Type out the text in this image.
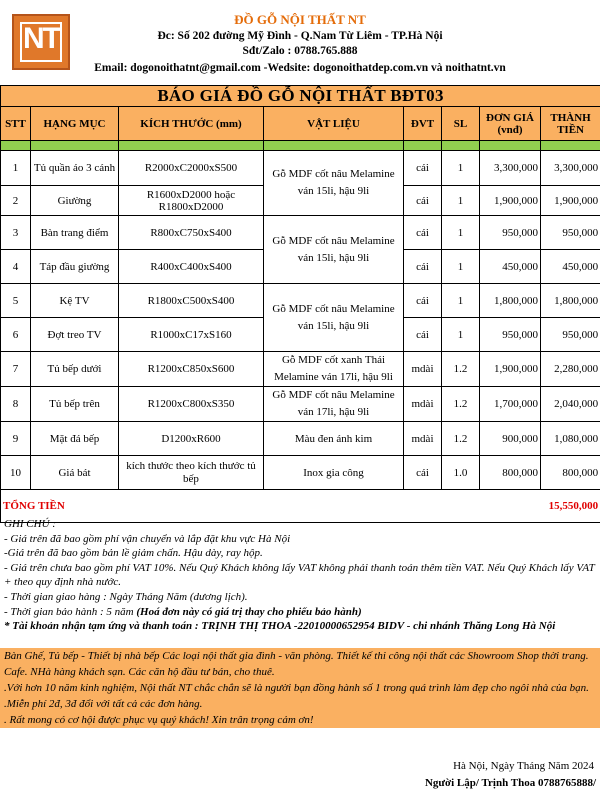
NT
ĐỒ GỖ NỘI THẤT NT
Đc: Số 202 đường Mỹ Đình - Q.Nam Từ Liêm - TP.Hà Nội
Sđt/Zalo : 0788.765.888
Email: dogonoithatnt@gmail.com -Wedsite: dogonoithatdep.com.vn và noithatnt.vn
BÁO GIÁ ĐỒ GỖ NỘI THẤT BĐT03							
STT	HẠNG MỤC	KÍCH THƯỚC (mm)	VẬT LIỆU	ĐVT	SL	ĐƠN GIÁ (vnđ)	THÀNH TIỀN

1	Tủ quần áo 3 cánh	R2000xC2000xS500	Gỗ MDF cốt nâu Melamine ván 15li, hậu 9li	cái	1	3,300,000	3,300,000
2	Giường	R1600xD2000 hoặc R1800xD2000		cái	1	1,900,000	1,900,000
3	Bàn trang điểm	R800xC750xS400	Gỗ MDF cốt nâu Melamine ván 15li, hậu 9li	cái	1	950,000	950,000
4	Táp đầu giường	R400xC400xS400		cái	1	450,000	450,000
5	Kệ TV	R1800xC500xS400	Gỗ MDF cốt nâu Melamine ván 15li, hậu 9li	cái	1	1,800,000	1,800,000
6	Đợt treo TV	R1000xC17xS160		cái	1	950,000	950,000
7	Tủ bếp dưới	R1200xC850xS600	Gỗ MDF cốt xanh Thái Melamine ván 17li, hậu 9li	mdài	1.2	1,900,000	2,280,000
8	Tủ bếp trên	R1200xC800xS350	Gỗ MDF cốt nâu Melamine ván 17li, hậu 9li	mdài	1.2	1,700,000	2,040,000
9	Mặt đá bếp	D1200xR600	Màu đen ánh kim	mdài	1.2	900,000	1,080,000
10	Giá bát	kích thước theo kích thước tủ bếp	Inox gia công	cái	1.0	800,000	800,000
TỔNG TIỀN							15,550,000
GHI CHÚ :
- Giá trên đã bao gồm phí vận chuyển và lắp đặt khu vực Hà Nội
-Giá trên đã bao gồm bản lề giảm chấn. Hậu dày, ray hộp.
- Giá trên chưa bao gồm phí VAT 10%. Nếu Quý Khách không lấy VAT không phải thanh toán thêm tiền VAT. Nếu Quý Khách lấy VAT + theo quy định nhà nước.
- Thời gian giao hàng : Ngày Tháng Năm (dương lịch).
- Thời gian bảo hành : 5 năm (Hoá đơn này có giá trị thay cho phiếu bảo hành)
* Tài khoản nhận tạm ứng và thanh toán : TRỊNH THỊ THOA -22010000652954 BIDV - chi nhánh Thăng Long Hà Nội
Bàn Ghế, Tủ bếp - Thiết bị nhà bếp Các loại nội thất gia đình - văn phòng. Thiết kế thi công nội thất các Showroom Shop thời trang. Cafe. NHà hàng khách sạn. Các căn hộ đầu tư bán, cho thuê.
.Với hơn 10 năm kinh nghiệm, Nội thất NT chắc chắn sẽ là người bạn đồng hành số 1 trong quá trình làm đẹp cho ngôi nhà của bạn.
.Miễn phí 2đ, 3đ đổi với tất cả các đơn hàng.
. Rất mong có cơ hội được phục vụ quý khách! Xin trân trọng cảm ơn!
Hà Nội, Ngày Tháng Năm 2024
Người Lập/ Trịnh Thoa 0788765888/
